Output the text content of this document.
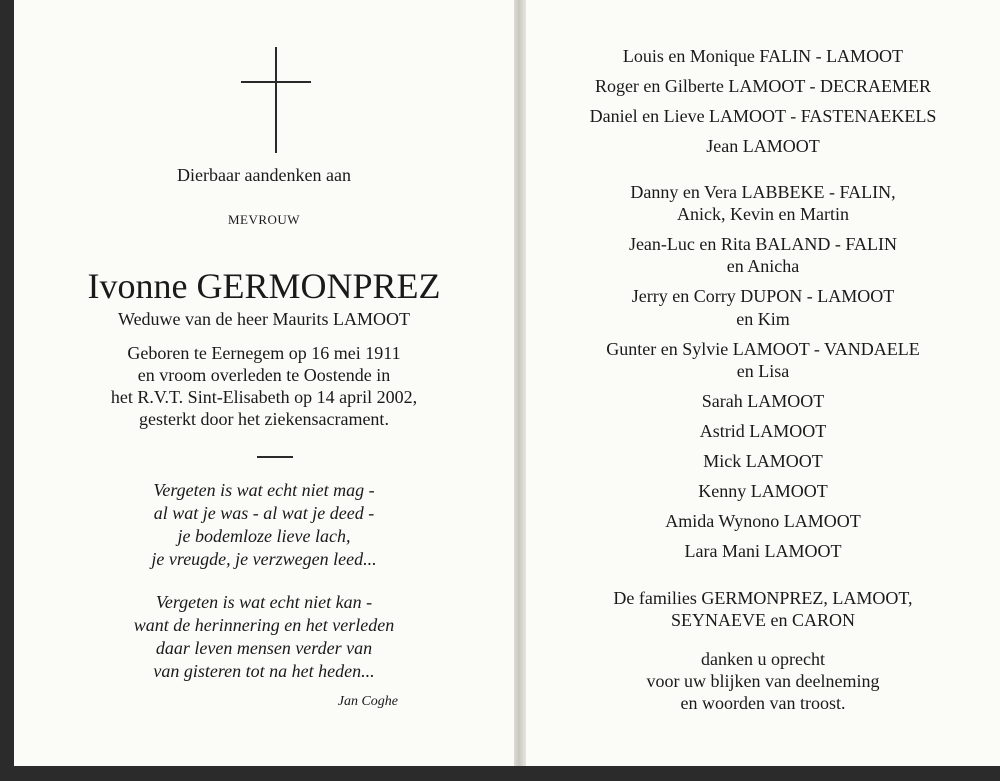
Dierbaar aandenken aan
MEVROUW
Ivonne GERMONPREZ
Weduwe van de heer Maurits LAMOOT
Geboren te Eernegem op 16 mei 1911
en vroom overleden te Oostende in
het R.V.T. Sint-Elisabeth op 14 april 2002,
gesterkt door het ziekensacrament.
Vergeten is wat echt niet mag -
al wat je was - al wat je deed -
je bodemloze lieve lach,
je vreugde, je verzwegen leed...
Vergeten is wat echt niet kan -
want de herinnering en het verleden
daar leven mensen verder van
van gisteren tot na het heden...
Jan Coghe
Louis en Monique FALIN - LAMOOT
Roger en Gilberte LAMOOT - DECRAEMER
Daniel en Lieve LAMOOT - FASTENAEKELS
Jean LAMOOT
Danny en Vera LABBEKE - FALIN,
Anick, Kevin en Martin
Jean-Luc en Rita BALAND - FALIN
en Anicha
Jerry en Corry DUPON - LAMOOT
en Kim
Gunter en Sylvie LAMOOT - VANDAELE
en Lisa
Sarah LAMOOT
Astrid LAMOOT
Mick LAMOOT
Kenny LAMOOT
Amida Wynono LAMOOT
Lara Mani LAMOOT
De families GERMONPREZ, LAMOOT,
SEYNAEVE en CARON
danken u oprecht
voor uw blijken van deelneming
en woorden van troost.
